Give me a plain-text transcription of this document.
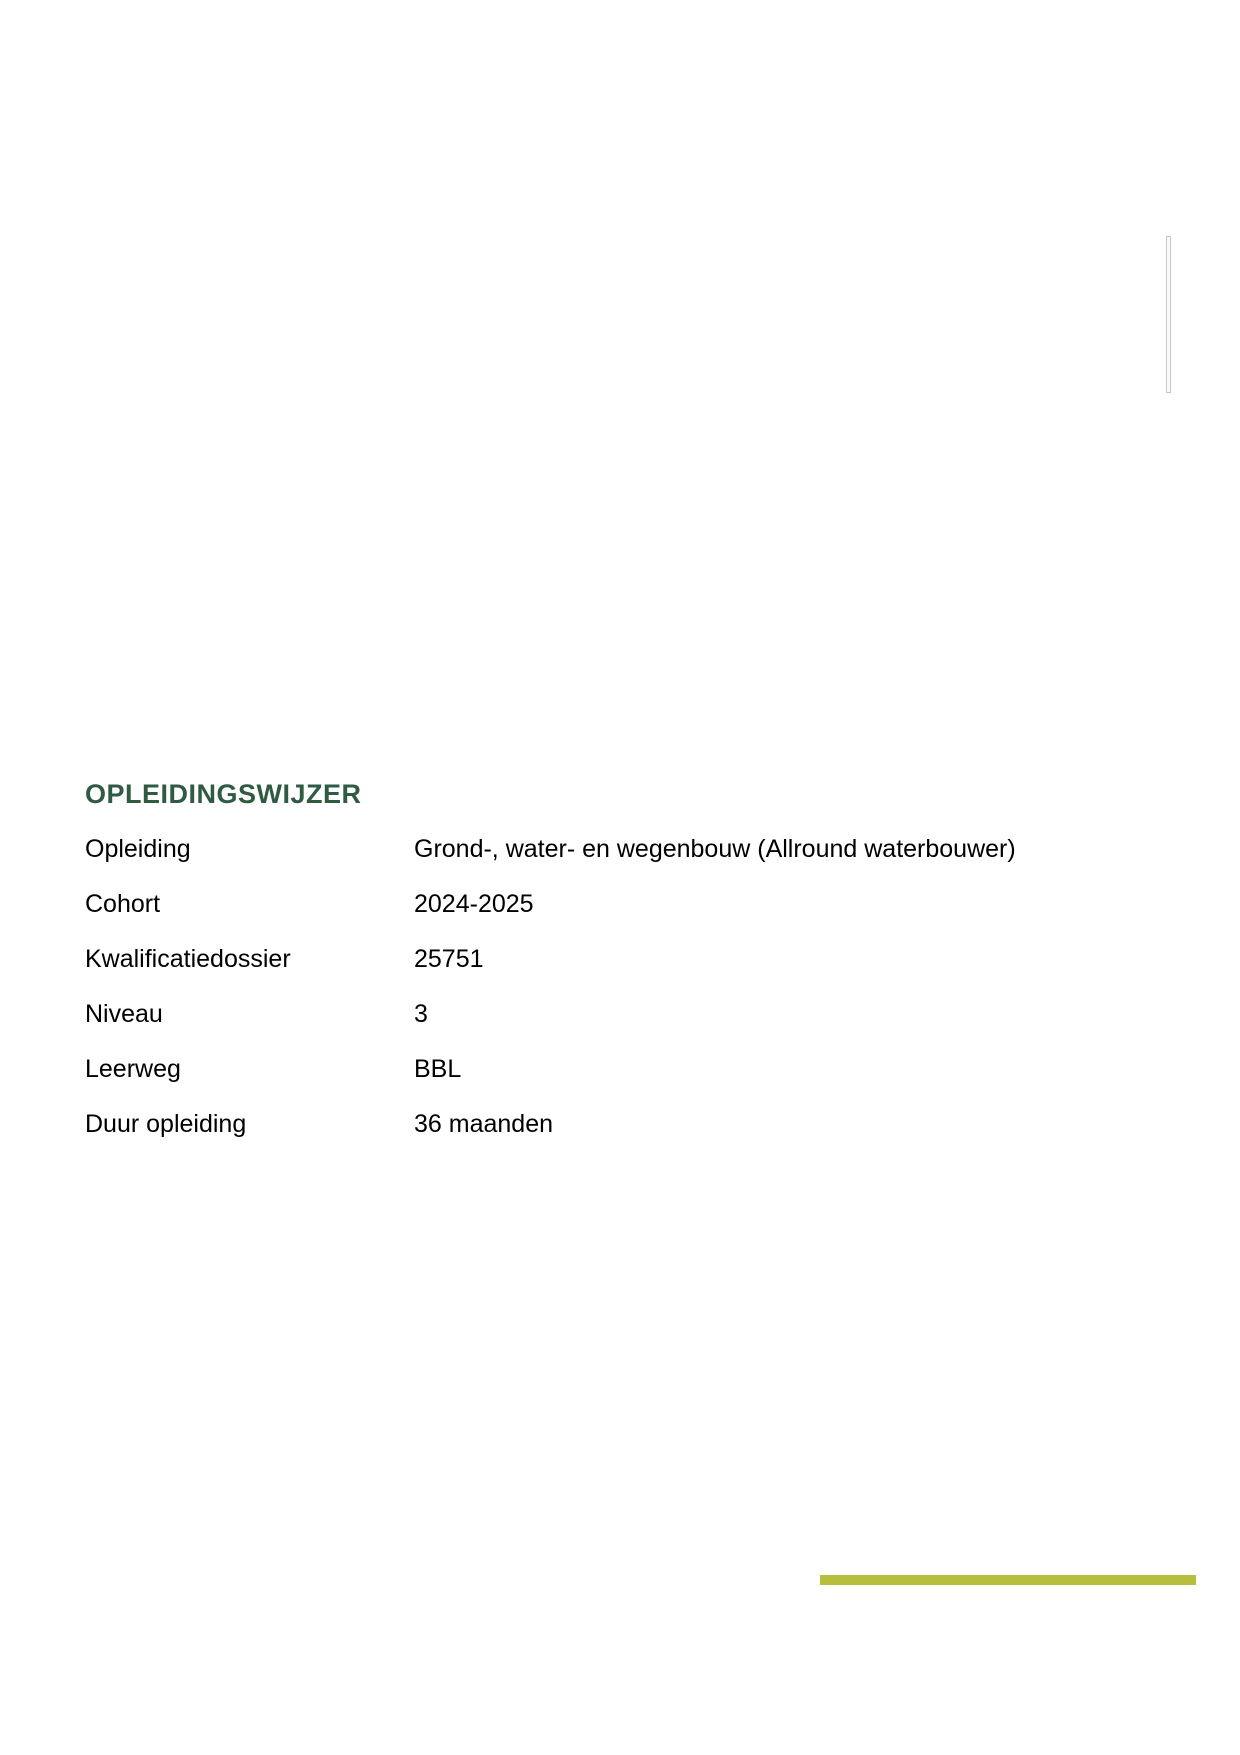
OPLEIDINGSWIJZER
Opleiding	Grond-, water- en wegenbouw (Allround waterbouwer)
Cohort	2024-2025
Kwalificatiedossier	25751
Niveau	3
Leerweg	BBL
Duur opleiding	36 maanden
